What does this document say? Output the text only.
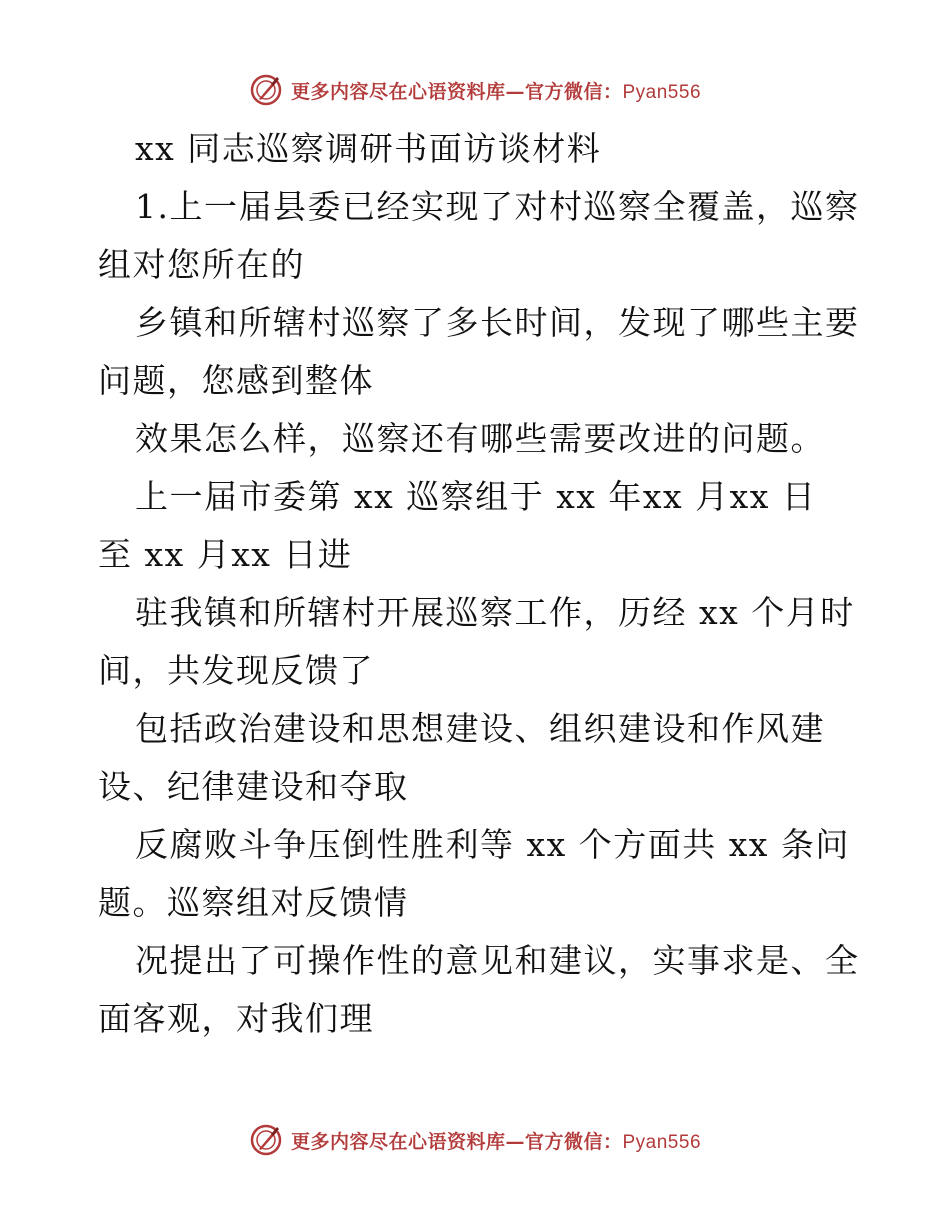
更多内容尽在心语资料库—官方微信：Pyan556
xx 同志巡察调研书面访谈材料
1.上一届县委已经实现了对村巡察全覆盖，巡察
组对您所在的
乡镇和所辖村巡察了多长时间，发现了哪些主要
问题，您感到整体
效果怎么样，巡察还有哪些需要改进的问题。
上一届市委第 xx 巡察组于 xx 年xx 月xx 日
至 xx 月xx 日进
驻我镇和所辖村开展巡察工作，历经 xx 个月时
间，共发现反馈了
包括政治建设和思想建设、组织建设和作风建
设、纪律建设和夺取
反腐败斗争压倒性胜利等 xx 个方面共 xx 条问
题。巡察组对反馈情
况提出了可操作性的意见和建议，实事求是、全
面客观，对我们理
更多内容尽在心语资料库—官方微信：Pyan556
